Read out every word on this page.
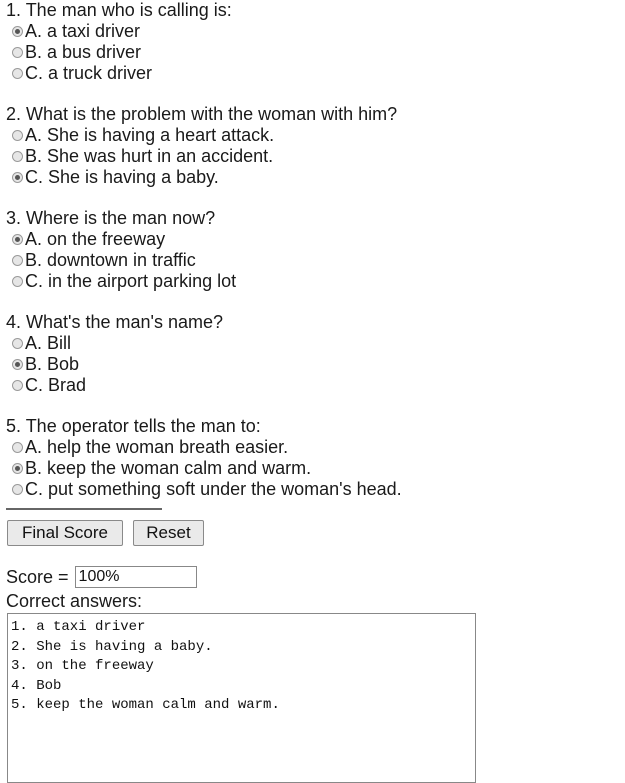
1. The man who is calling is:
A. a taxi driver
B. a bus driver
C. a truck driver
2. What is the problem with the woman with him?
A. She is having a heart attack.
B. She was hurt in an accident.
C. She is having a baby.
3. Where is the man now?
A. on the freeway
B. downtown in traffic
C. in the airport parking lot
4. What's the man's name?
A. Bill
B. Bob
C. Brad
5. The operator tells the man to:
A. help the woman breath easier.
B. keep the woman calm and warm.
C. put something soft under the woman's head.
Final Score	Reset
Score =
100%
Correct answers:
1. a taxi driver
2. She is having a baby.
3. on the freeway
4. Bob
5. keep the woman calm and warm.
